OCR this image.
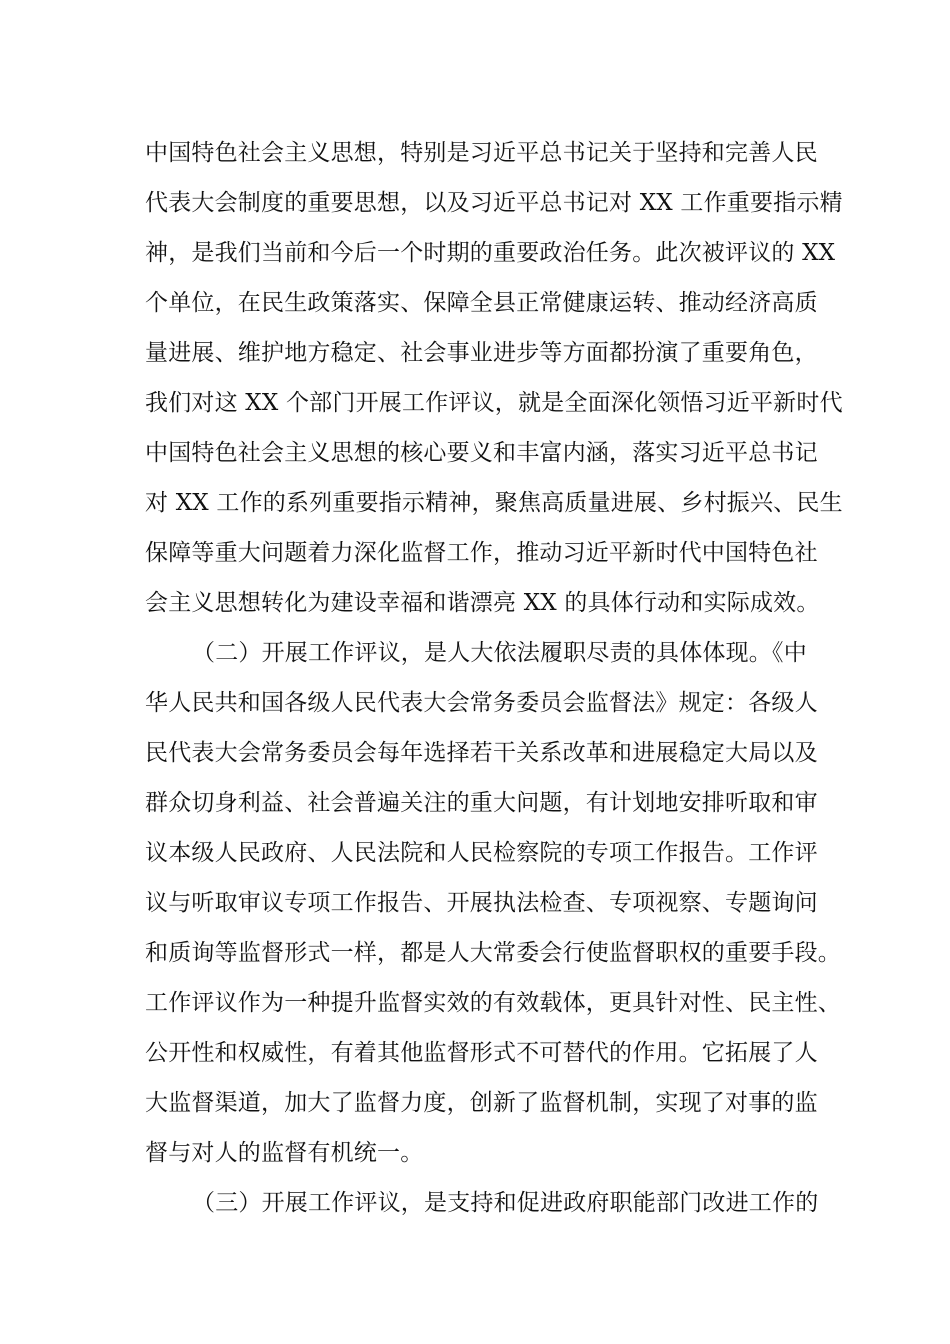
中国特色社会主义思想，特别是习近平总书记关于坚持和完善人民
代表大会制度的重要思想，以及习近平总书记对 XX 工作重要指示精
神，是我们当前和今后一个时期的重要政治任务。此次被评议的 XX
个单位，在民生政策落实、保障全县正常健康运转、推动经济高质
量进展、维护地方稳定、社会事业进步等方面都扮演了重要角色，
我们对这 XX 个部门开展工作评议，就是全面深化领悟习近平新时代
中国特色社会主义思想的核心要义和丰富内涵，落实习近平总书记
对 XX 工作的系列重要指示精神，聚焦高质量进展、乡村振兴、民生
保障等重大问题着力深化监督工作，推动习近平新时代中国特色社
会主义思想转化为建设幸福和谐漂亮 XX 的具体行动和实际成效。
（二）开展工作评议，是人大依法履职尽责的具体体现。《中
华人民共和国各级人民代表大会常务委员会监督法》规定：各级人
民代表大会常务委员会每年选择若干关系改革和进展稳定大局以及
群众切身利益、社会普遍关注的重大问题，有计划地安排听取和审
议本级人民政府、人民法院和人民检察院的专项工作报告。工作评
议与听取审议专项工作报告、开展执法检查、专项视察、专题询问
和质询等监督形式一样，都是人大常委会行使监督职权的重要手段。
工作评议作为一种提升监督实效的有效载体，更具针对性、民主性、
公开性和权威性，有着其他监督形式不可替代的作用。它拓展了人
大监督渠道，加大了监督力度，创新了监督机制，实现了对事的监
督与对人的监督有机统一。
（三）开展工作评议，是支持和促进政府职能部门改进工作的
